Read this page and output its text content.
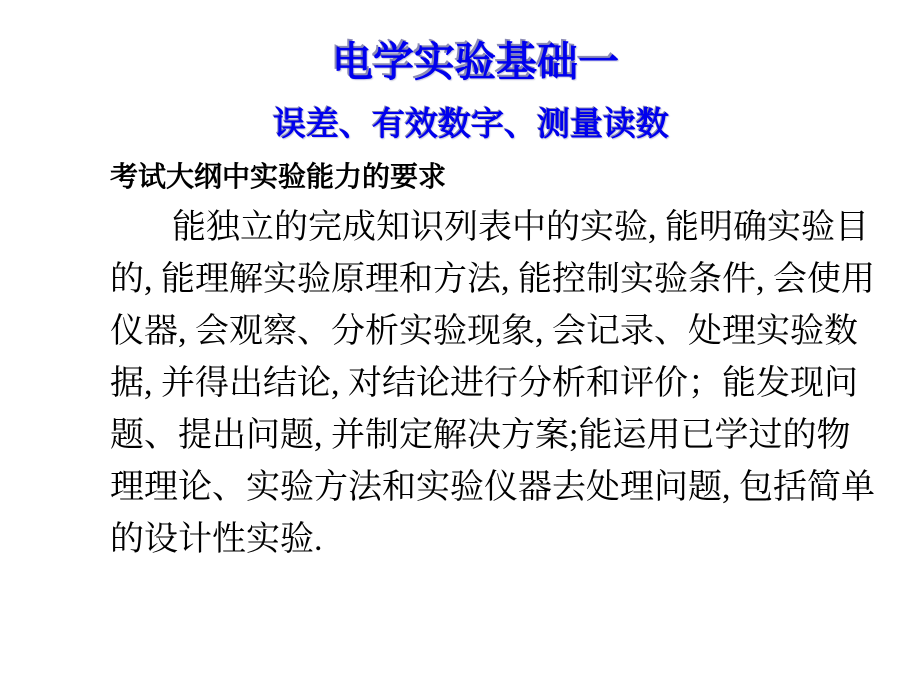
电学实验基础一
误差、有效数字、测量读数
考试大纲中实验能力的要求
能独立的完成知识列表中的实验, 能明确实验目
的, 能理解实验原理和方法, 能控制实验条件, 会使用
仪器, 会观察、分析实验现象, 会记录、处理实验数
据, 并得出结论, 对结论进行分析和评价；能发现问
题、提出问题, 并制定解决方案;能运用已学过的物
理理论、实验方法和实验仪器去处理问题, 包括简单
的设计性实验.
